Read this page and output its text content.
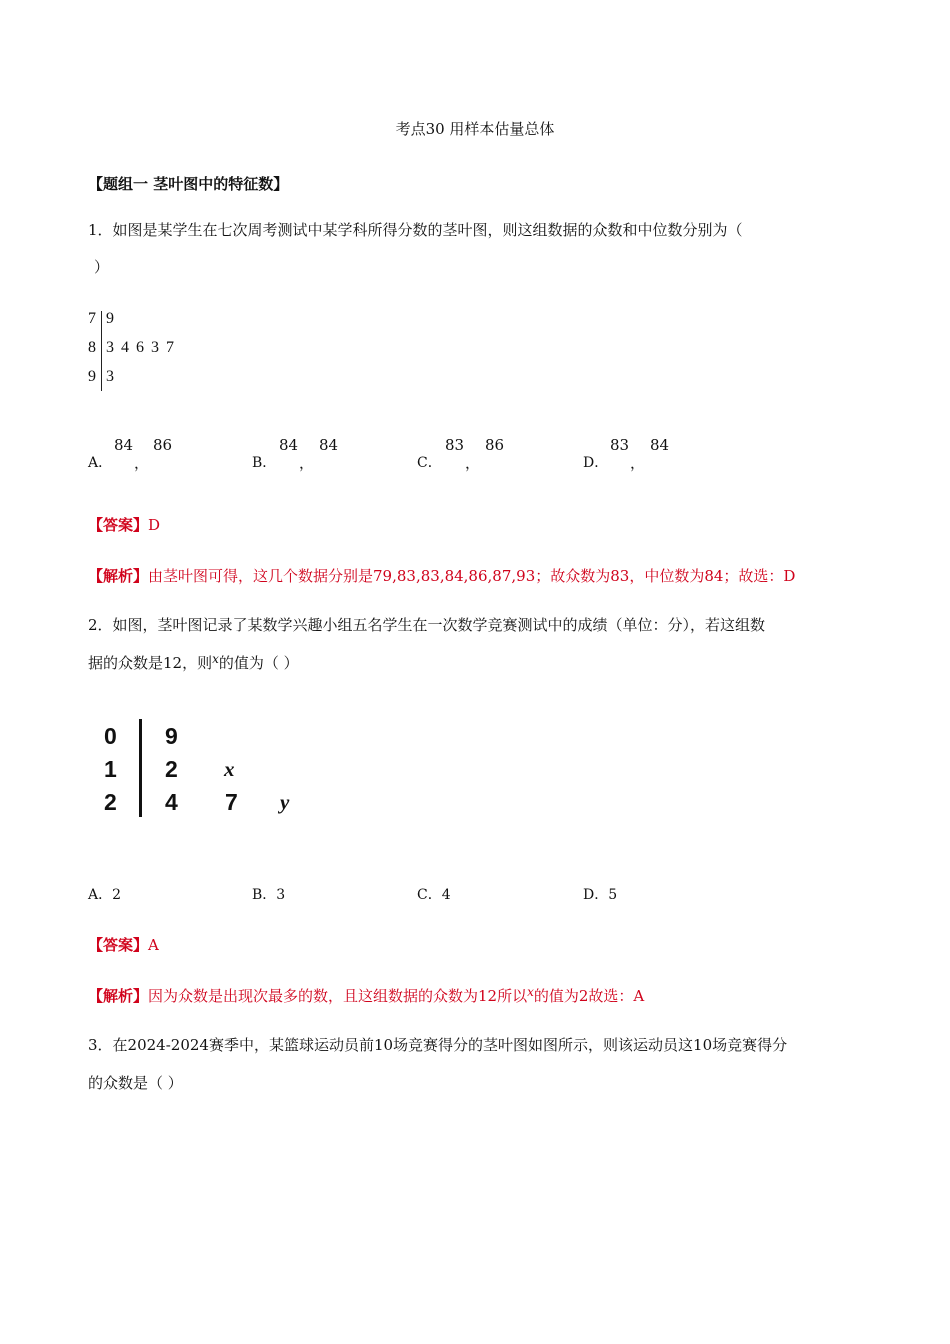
考点30 用样本估量总体
【题组一 茎叶图中的特征数】
1．如图是某学生在七次周考测试中某学科所得分数的茎叶图，则这组数据的众数和中位数分别为（
）
7 9
8 3 4 6 3 7
9 3
A．
84
，
86
B．
84
，
84
C．
83
，
86
D．
83
，
84
【答案】D
【解析】由茎叶图可得，这几个数据分别是79,83,83,84,86,87,93；故众数为83，中位数为84；故选：D
2．如图，茎叶图记录了某数学兴趣小组五名学生在一次数学竞赛测试中的成绩（单位：分），若这组数
据的众数是12，则$^x$的值为（ ）
0 9
1 2 x
2 4 7 y
A．2	B．3	C．4	D．5
【答案】A
【解析】因为众数是出现次最多的数，且这组数据的众数为12所以$^x$的值为2故选：A
3．在2024-2024赛季中，某篮球运动员前10场竞赛得分的茎叶图如图所示，则该运动员这10场竞赛得分
的众数是（ ）
